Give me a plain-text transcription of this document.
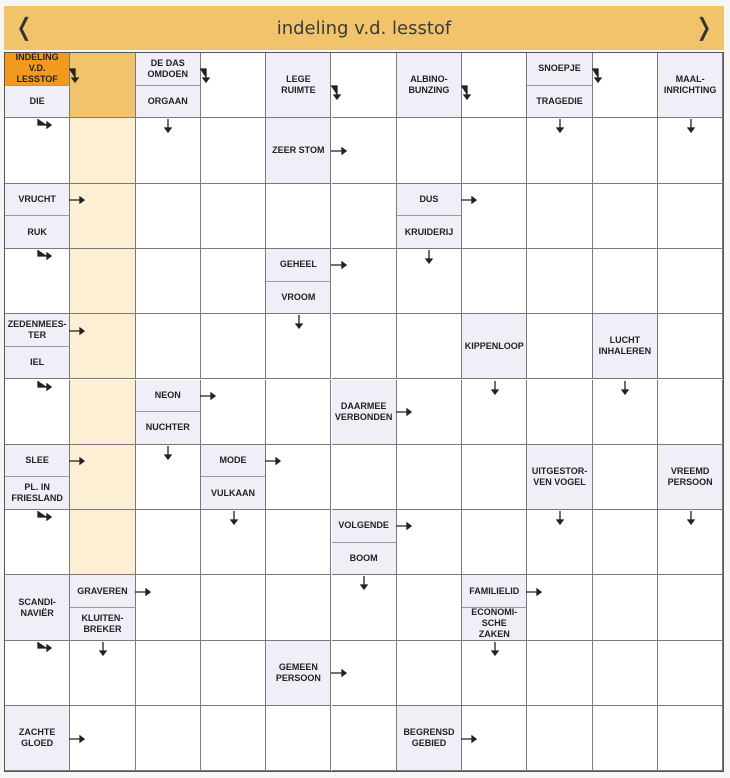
❬	indeling v.d. lesstof	❭
INDELING V.D. LESSTOF
DIE
DE DAS OMDOEN
ORGAAN
LEGE RUIMTE
ALBINO- BUNZING
SNOEPJE
TRAGEDIE
MAAL- INRICHTING
ZEER STOM
VRUCHT
RUK
DUS
KRUIDERIJ
GEHEEL
VROOM
ZEDENMEES- TER
IEL
KIPPENLOOP
LUCHT INHALEREN
NEON
NUCHTER
DAARMEE VERBONDEN
SLEE
PL. IN FRIESLAND
MODE
VULKAAN
UITGESTOR- VEN VOGEL
VREEMD PERSOON
VOLGENDE
BOOM
SCANDI- NAVIËR
GRAVEREN
KLUITEN- BREKER
FAMILIELID
ECONOMI- SCHE ZAKEN
GEMEEN PERSOON
ZACHTE GLOED
BEGRENSD GEBIED
